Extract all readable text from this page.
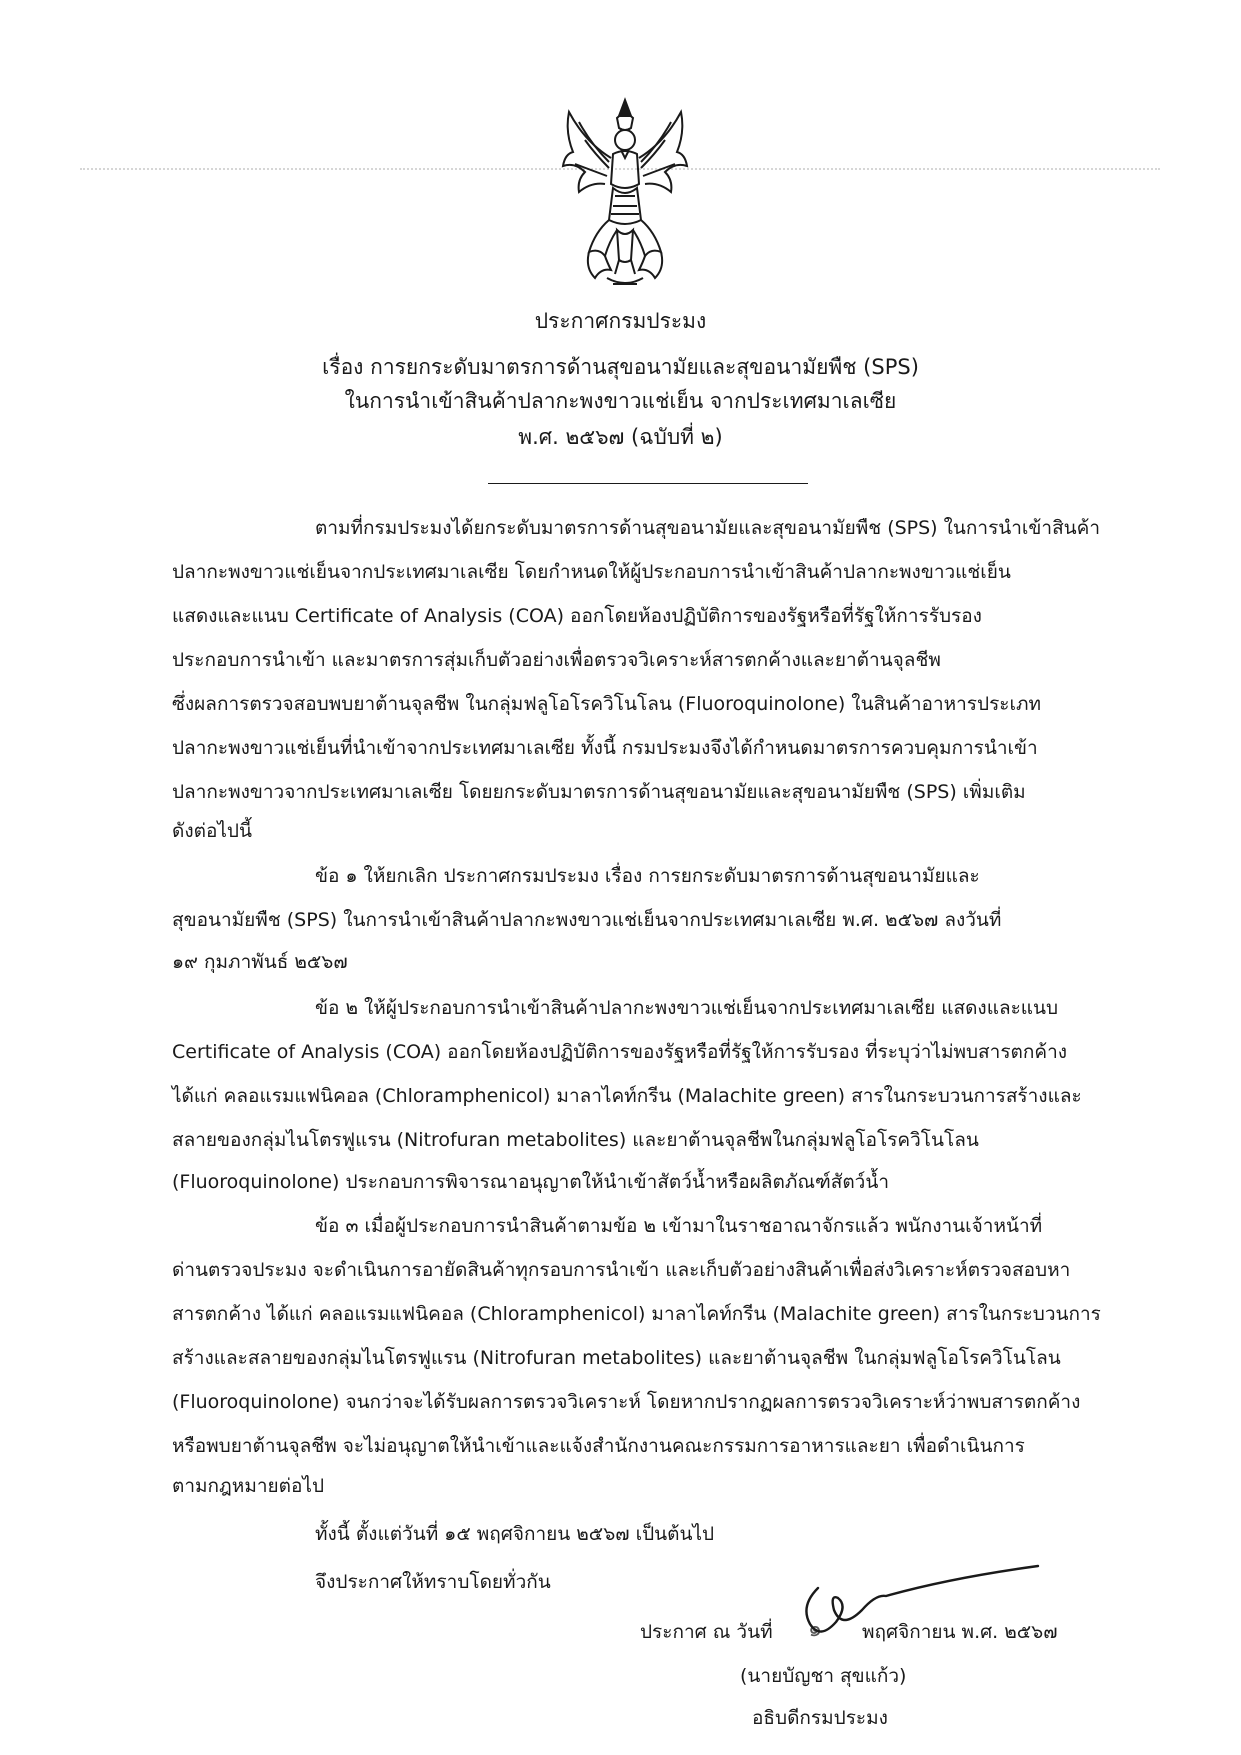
ประกาศกรมประมง
เรื่อง การยกระดับมาตรการด้านสุขอนามัยและสุขอนามัยพืช (SPS)
ในการนำเข้าสินค้าปลากะพงขาวแช่เย็น จากประเทศมาเลเซีย
พ.ศ. ๒๕๖๗ (ฉบับที่ ๒)
ตามที่กรมประมงได้ยกระดับมาตรการด้านสุขอนามัยและสุขอนามัยพืช (SPS) ในการนำเข้าสินค้า
ปลากะพงขาวแช่เย็นจากประเทศมาเลเซีย โดยกำหนดให้ผู้ประกอบการนำเข้าสินค้าปลากะพงขาวแช่เย็น
แสดงและแนบ Certificate of Analysis (COA) ออกโดยห้องปฏิบัติการของรัฐหรือที่รัฐให้การรับรอง
ประกอบการนำเข้า และมาตรการสุ่มเก็บตัวอย่างเพื่อตรวจวิเคราะห์สารตกค้างและยาต้านจุลชีพ
ซึ่งผลการตรวจสอบพบยาต้านจุลชีพ ในกลุ่มฟลูโอโรควิโนโลน (Fluoroquinolone) ในสินค้าอาหารประเภท
ปลากะพงขาวแช่เย็นที่นำเข้าจากประเทศมาเลเซีย ทั้งนี้ กรมประมงจึงได้กำหนดมาตรการควบคุมการนำเข้า
ปลากะพงขาวจากประเทศมาเลเซีย โดยยกระดับมาตรการด้านสุขอนามัยและสุขอนามัยพืช (SPS) เพิ่มเติม
ดังต่อไปนี้
ข้อ ๑ ให้ยกเลิก ประกาศกรมประมง เรื่อง การยกระดับมาตรการด้านสุขอนามัยและ
สุขอนามัยพืช (SPS) ในการนำเข้าสินค้าปลากะพงขาวแช่เย็นจากประเทศมาเลเซีย พ.ศ. ๒๕๖๗ ลงวันที่
๑๙ กุมภาพันธ์ ๒๕๖๗
ข้อ ๒ ให้ผู้ประกอบการนำเข้าสินค้าปลากะพงขาวแช่เย็นจากประเทศมาเลเซีย แสดงและแนบ
Certificate of Analysis (COA) ออกโดยห้องปฏิบัติการของรัฐหรือที่รัฐให้การรับรอง ที่ระบุว่าไม่พบสารตกค้าง
ได้แก่ คลอแรมแฟนิคอล (Chloramphenicol) มาลาไคท์กรีน (Malachite green) สารในกระบวนการสร้างและ
สลายของกลุ่มไนโตรฟูแรน (Nitrofuran metabolites) และยาต้านจุลชีพในกลุ่มฟลูโอโรควิโนโลน
(Fluoroquinolone) ประกอบการพิจารณาอนุญาตให้นำเข้าสัตว์น้ำหรือผลิตภัณฑ์สัตว์น้ำ
ข้อ ๓ เมื่อผู้ประกอบการนำสินค้าตามข้อ ๒ เข้ามาในราชอาณาจักรแล้ว พนักงานเจ้าหน้าที่
ด่านตรวจประมง จะดำเนินการอายัดสินค้าทุกรอบการนำเข้า และเก็บตัวอย่างสินค้าเพื่อส่งวิเคราะห์ตรวจสอบหา
สารตกค้าง ได้แก่ คลอแรมแฟนิคอล (Chloramphenicol) มาลาไคท์กรีน (Malachite green) สารในกระบวนการ
สร้างและสลายของกลุ่มไนโตรฟูแรน (Nitrofuran metabolites) และยาต้านจุลชีพ ในกลุ่มฟลูโอโรควิโนโลน
(Fluoroquinolone) จนกว่าจะได้รับผลการตรวจวิเคราะห์ โดยหากปรากฏผลการตรวจวิเคราะห์ว่าพบสารตกค้าง
หรือพบยาต้านจุลชีพ จะไม่อนุญาตให้นำเข้าและแจ้งสำนักงานคณะกรรมการอาหารและยา เพื่อดำเนินการ
ตามกฎหมายต่อไป
ทั้งนี้ ตั้งแต่วันที่ ๑๕ พฤศจิกายน ๒๕๖๗ เป็นต้นไป
จึงประกาศให้ทราบโดยทั่วกัน
ประกาศ ณ วันที่ ๑ พฤศจิกายน พ.ศ. ๒๕๖๗
(นายบัญชา สุขแก้ว)
อธิบดีกรมประมง
